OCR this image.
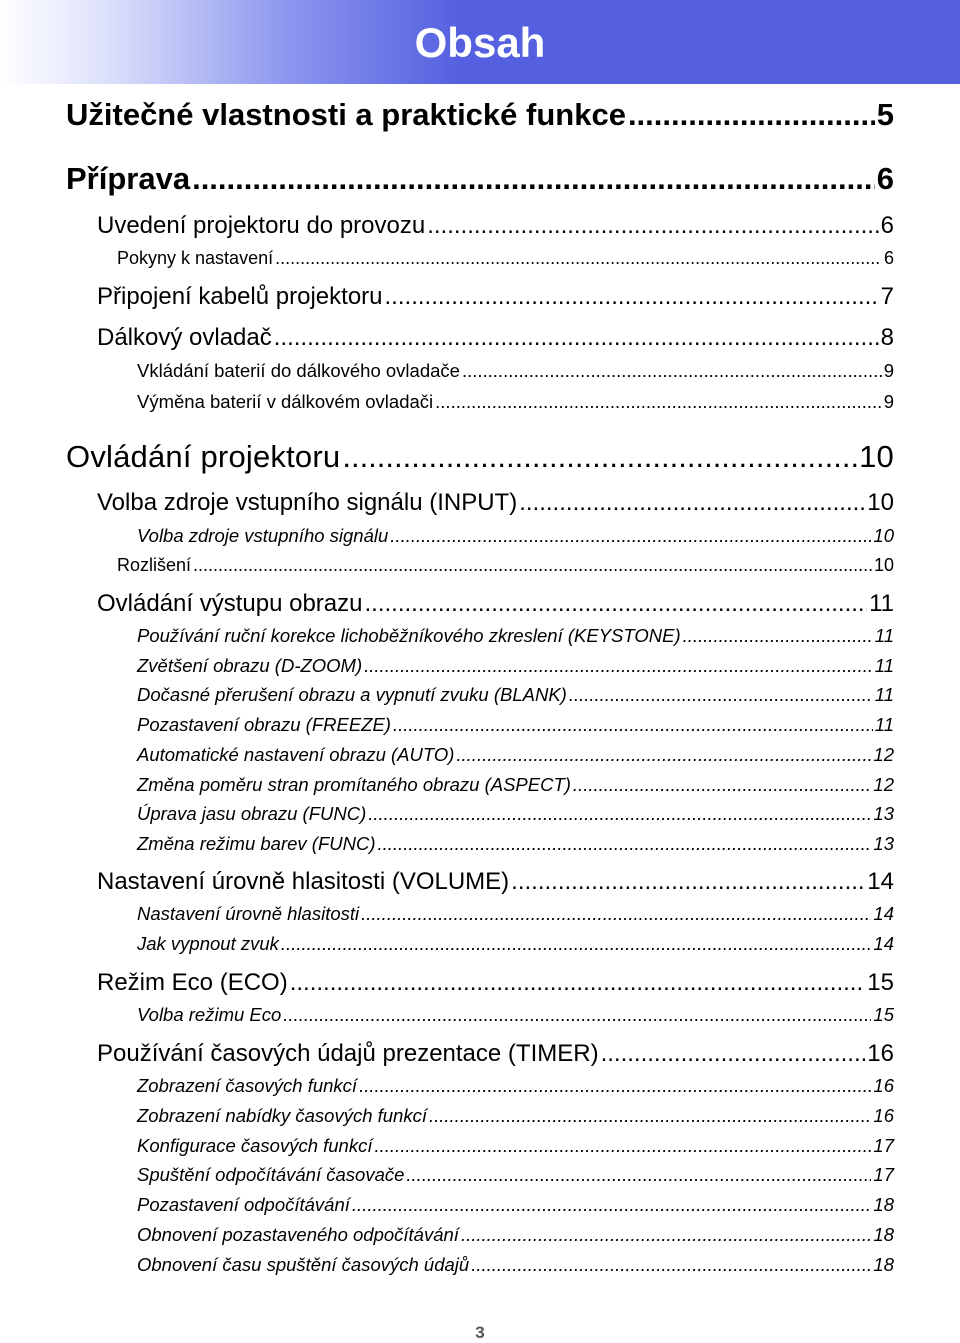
Obsah
Užitečné vlastnosti a praktické funkce .....	5
Příprava .....	6
Uvedení projektoru do provozu .....	6
Pokyny k nastavení .....	6
Připojení kabelů projektoru .....	7
Dálkový ovladač .....	8
Vkládání baterií do dálkového ovladače .....	9
Výměna baterií v dálkovém ovladači .....	9
Ovládání projektoru .....	10
Volba zdroje vstupního signálu (INPUT) .....	10
Volba zdroje vstupního signálu .....	10
Rozlišení .....	10
Ovládání výstupu obrazu .....	11
Používání ruční korekce lichoběžníkového zkreslení (KEYSTONE) .....	11
Zvětšení obrazu (D-ZOOM) .....	11
Dočasné přerušení obrazu a vypnutí zvuku (BLANK) .....	11
Pozastavení obrazu (FREEZE) .....	11
Automatické nastavení obrazu (AUTO) .....	12
Změna poměru stran promítaného obrazu (ASPECT) .....	12
Úprava jasu obrazu (FUNC) .....	13
Změna režimu barev (FUNC) .....	13
Nastavení úrovně hlasitosti (VOLUME) .....	14
Nastavení úrovně hlasitosti .....	14
Jak vypnout zvuk .....	14
Režim Eco (ECO) .....	15
Volba režimu Eco .....	15
Používání časových údajů prezentace (TIMER) .....	16
Zobrazení časových funkcí .....	16
Zobrazení nabídky časových funkcí .....	16
Konfigurace časových funkcí .....	17
Spuštění odpočítávání časovače .....	17
Pozastavení odpočítávání .....	18
Obnovení pozastaveného odpočítávání .....	18
Obnovení času spuštění časových údajů .....	18
3
